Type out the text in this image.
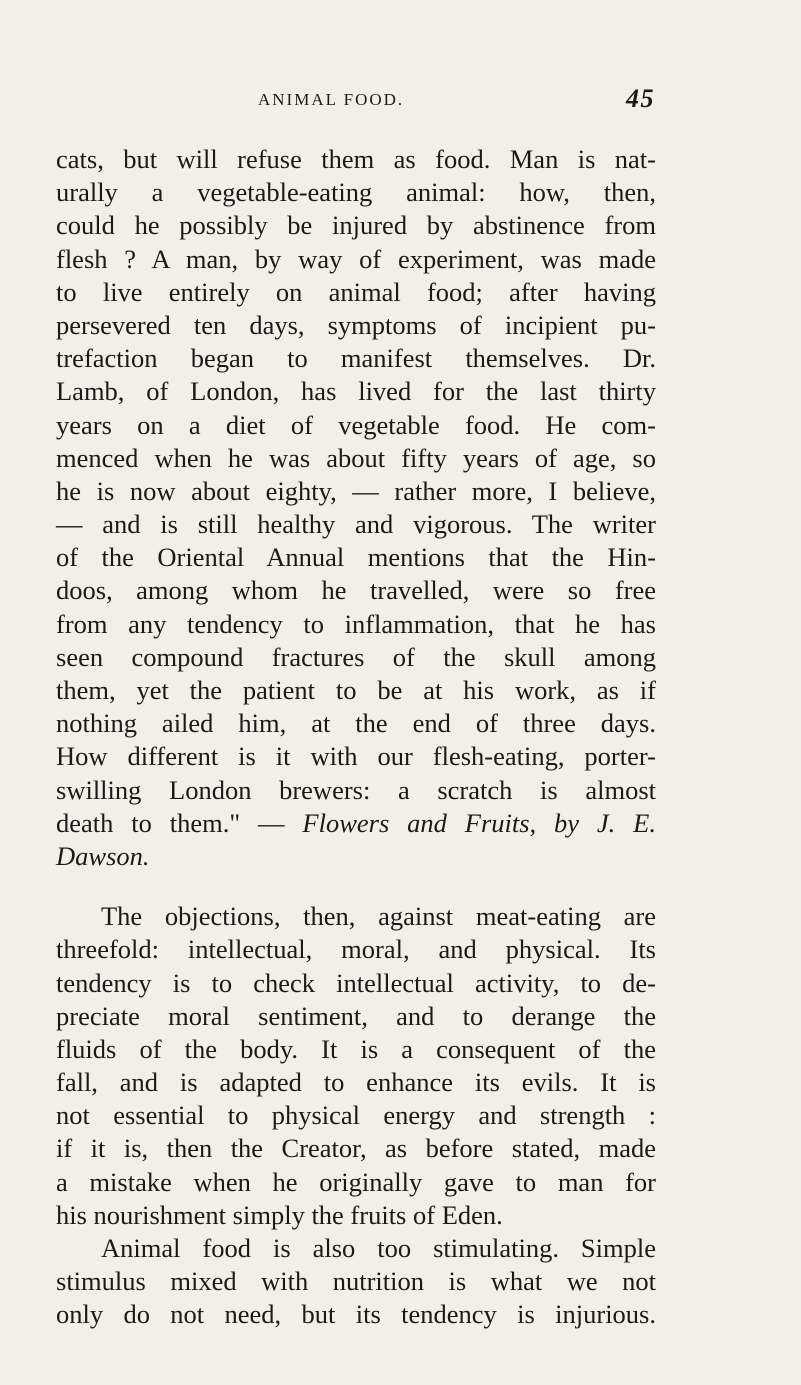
ANIMAL FOOD.	45
cats, but will refuse them as food. Man is nat-
urally a vegetable-eating animal: how, then,
could he possibly be injured by abstinence from
flesh ? A man, by way of experiment, was made
to live entirely on animal food; after having
persevered ten days, symptoms of incipient pu-
trefaction began to manifest themselves. Dr.
Lamb, of London, has lived for the last thirty
years on a diet of vegetable food. He com-
menced when he was about fifty years of age, so
he is now about eighty, — rather more, I believe,
— and is still healthy and vigorous. The writer
of the Oriental Annual mentions that the Hin-
doos, among whom he travelled, were so free
from any tendency to inflammation, that he has
seen compound fractures of the skull among
them, yet the patient to be at his work, as if
nothing ailed him, at the end of three days.
How different is it with our flesh-eating, porter-
swilling London brewers: a scratch is almost
death to them." — Flowers and Fruits, by J. E.
Dawson.
The objections, then, against meat-eating are
threefold: intellectual, moral, and physical. Its
tendency is to check intellectual activity, to de-
preciate moral sentiment, and to derange the
fluids of the body. It is a consequent of the
fall, and is adapted to enhance its evils. It is
not essential to physical energy and strength :
if it is, then the Creator, as before stated, made
a mistake when he originally gave to man for
his nourishment simply the fruits of Eden.
Animal food is also too stimulating. Simple
stimulus mixed with nutrition is what we not
only do not need, but its tendency is injurious.
